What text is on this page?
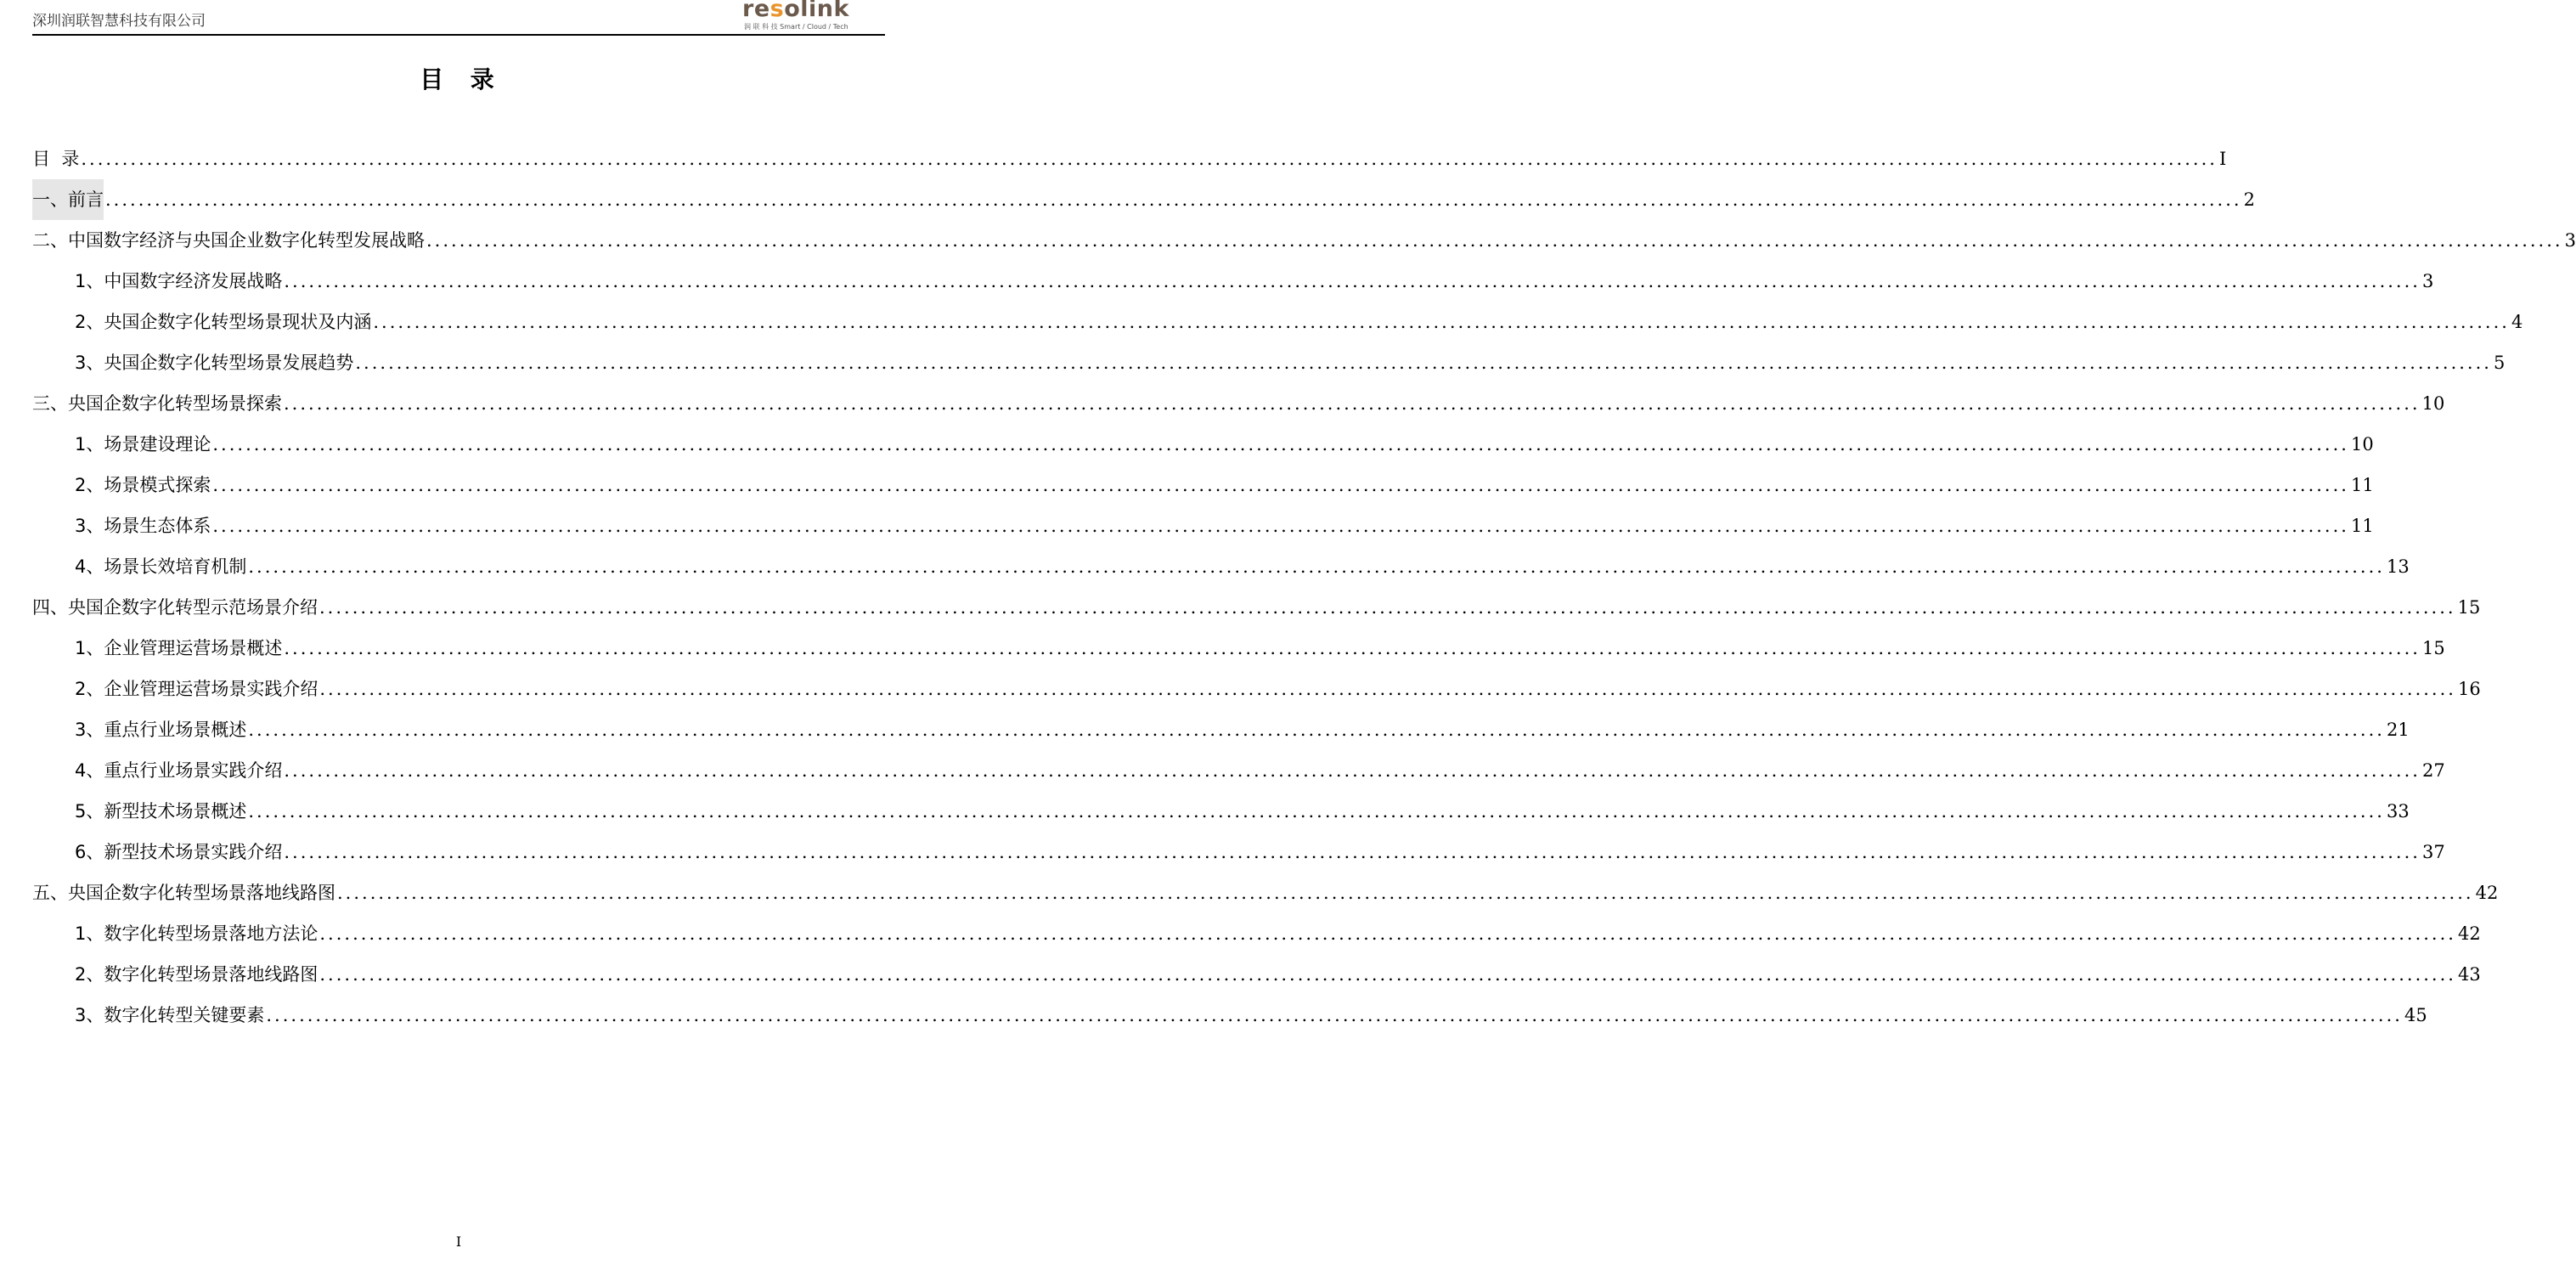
深圳润联智慧科技有限公司	resolink
润 联 科 技 Smart / Cloud / Tech
目  录
目  录 .................................................................................................................................................................................................................................................................... I
一、前言 .................................................................................................................................................................................................................................................................... 2
二、中国数字经济与央国企业数字化转型发展战略 .................................................................................................................................................................................................................................................................... 3
1、中国数字经济发展战略 .................................................................................................................................................................................................................................................................... 3
2、央国企数字化转型场景现状及内涵 .................................................................................................................................................................................................................................................................... 4
3、央国企数字化转型场景发展趋势 .................................................................................................................................................................................................................................................................... 5
三、央国企数字化转型场景探索 .................................................................................................................................................................................................................................................................... 10
1、场景建设理论 .................................................................................................................................................................................................................................................................... 10
2、场景模式探索 .................................................................................................................................................................................................................................................................... 11
3、场景生态体系 .................................................................................................................................................................................................................................................................... 11
4、场景长效培育机制 .................................................................................................................................................................................................................................................................... 13
四、央国企数字化转型示范场景介绍 .................................................................................................................................................................................................................................................................... 15
1、企业管理运营场景概述 .................................................................................................................................................................................................................................................................... 15
2、企业管理运营场景实践介绍 .................................................................................................................................................................................................................................................................... 16
3、重点行业场景概述 .................................................................................................................................................................................................................................................................... 21
4、重点行业场景实践介绍 .................................................................................................................................................................................................................................................................... 27
5、新型技术场景概述 .................................................................................................................................................................................................................................................................... 33
6、新型技术场景实践介绍 .................................................................................................................................................................................................................................................................... 37
五、央国企数字化转型场景落地线路图 .................................................................................................................................................................................................................................................................... 42
1、数字化转型场景落地方法论 .................................................................................................................................................................................................................................................................... 42
2、数字化转型场景落地线路图 .................................................................................................................................................................................................................................................................... 43
3、数字化转型关键要素 .................................................................................................................................................................................................................................................................... 45
I
